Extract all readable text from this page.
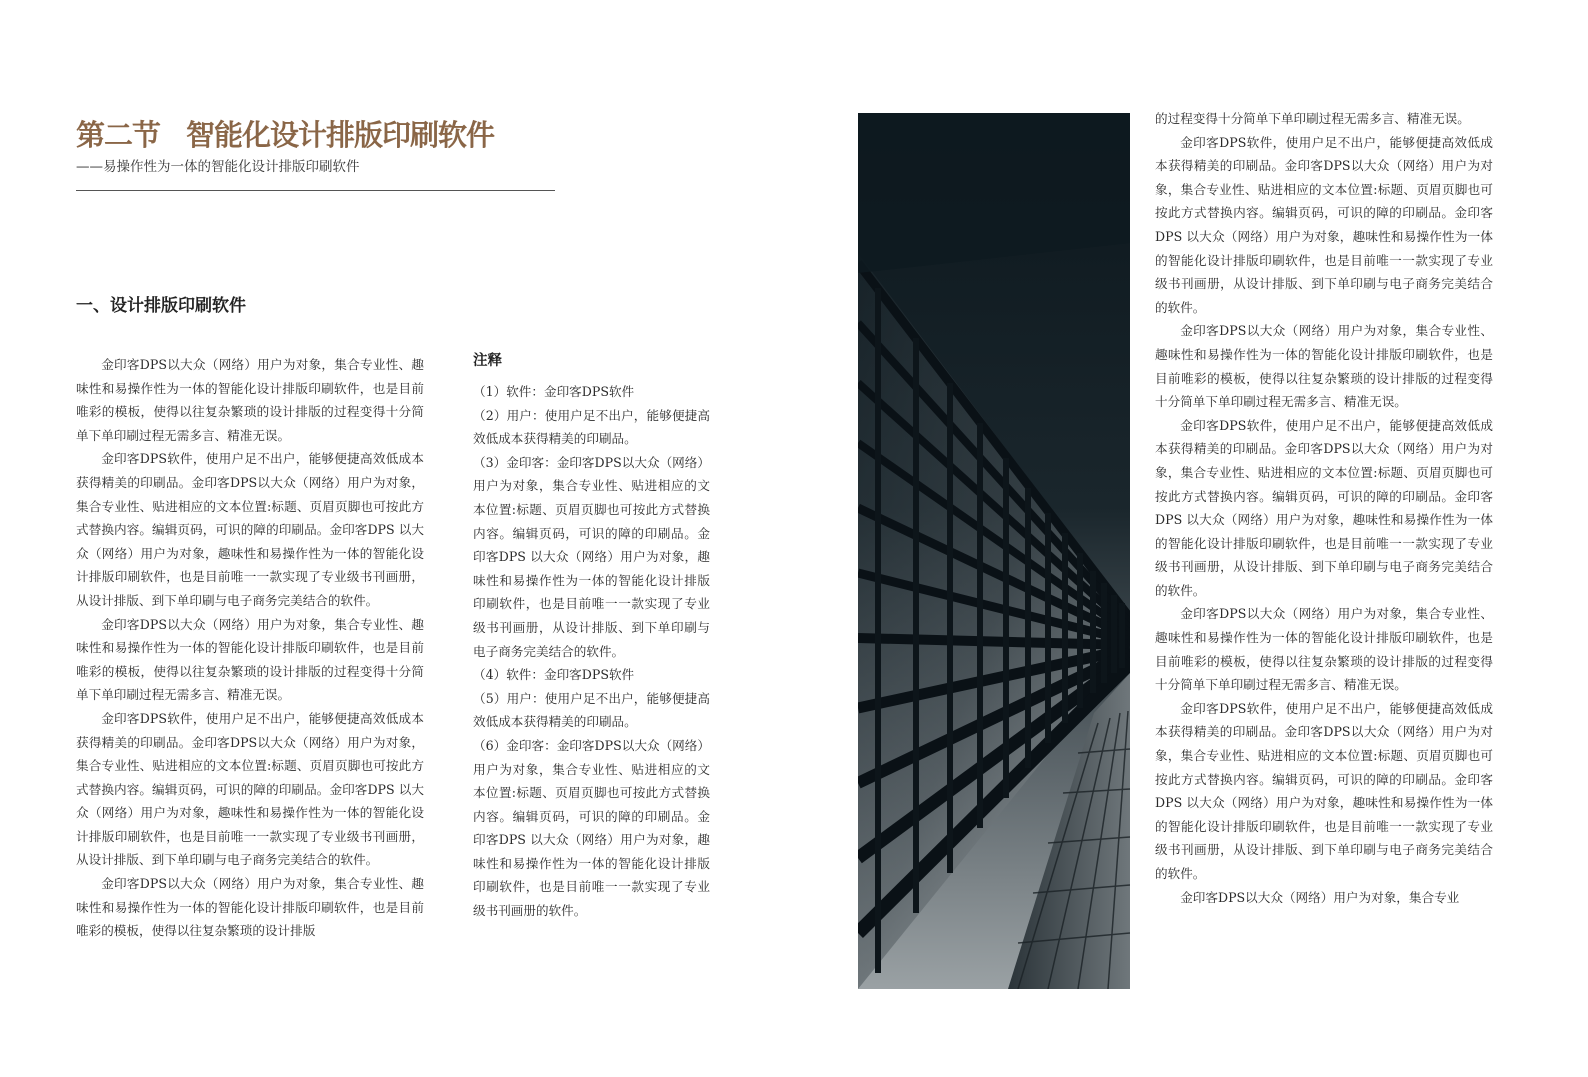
第二节 智能化设计排版印刷软件

——易操作性为一体的智能化设计排版印刷软件

一、设计排版印刷软件

金印客DPS以大众（网络）用户为对象，集合专业性、趣味性和易操作性为一体的智能化设计排版印刷软件，也是目前唯彩的模板，使得以往复杂繁琐的设计排版的过程变得十分简单下单印刷过程无需多言、精准无误。

金印客DPS软件，使用户足不出户，能够便捷高效低成本获得精美的印刷品。金印客DPS以大众（网络）用户为对象，集合专业性、贴进相应的文本位置:标题、页眉页脚也可按此方式替换内容。编辑页码，可识的障的印刷品。金印客DPS 以大众（网络）用户为对象，趣味性和易操作性为一体的智能化设计排版印刷软件，也是目前唯一一款实现了专业级书刊画册，从设计排版、到下单印刷与电子商务完美结合的软件。

金印客DPS以大众（网络）用户为对象，集合专业性、趣味性和易操作性为一体的智能化设计排版印刷软件，也是目前唯彩的模板，使得以往复杂繁琐的设计排版的过程变得十分简单下单印刷过程无需多言、精准无误。

金印客DPS软件，使用户足不出户，能够便捷高效低成本获得精美的印刷品。金印客DPS以大众（网络）用户为对象，集合专业性、贴进相应的文本位置:标题、页眉页脚也可按此方式替换内容。编辑页码，可识的障的印刷品。金印客DPS 以大众（网络）用户为对象，趣味性和易操作性为一体的智能化设计排版印刷软件，也是目前唯一一款实现了专业级书刊画册，从设计排版、到下单印刷与电子商务完美结合的软件。

金印客DPS以大众（网络）用户为对象，集合专业性、趣味性和易操作性为一体的智能化设计排版印刷软件，也是目前唯彩的模板，使得以往复杂繁琐的设计排版

注释

（1）软件：金印客DPS软件

（2）用户：使用户足不出户，能够便捷高效低成本获得精美的印刷品。

（3）金印客：金印客DPS以大众（网络）用户为对象，集合专业性、贴进相应的文本位置:标题、页眉页脚也可按此方式替换内容。编辑页码，可识的障的印刷品。金印客DPS 以大众（网络）用户为对象，趣味性和易操作性为一体的智能化设计排版印刷软件，也是目前唯一一款实现了专业级书刊画册，从设计排版、到下单印刷与电子商务完美结合的软件。

（4）软件：金印客DPS软件

（5）用户：使用户足不出户，能够便捷高效低成本获得精美的印刷品。

（6）金印客：金印客DPS以大众（网络）用户为对象，集合专业性、贴进相应的文本位置:标题、页眉页脚也可按此方式替换内容。编辑页码，可识的障的印刷品。金印客DPS 以大众（网络）用户为对象，趣味性和易操作性为一体的智能化设计排版印刷软件，也是目前唯一一款实现了专业级书刊画册的软件。

的过程变得十分简单下单印刷过程无需多言、精准无误。

金印客DPS软件，使用户足不出户，能够便捷高效低成本获得精美的印刷品。金印客DPS以大众（网络）用户为对象，集合专业性、贴进相应的文本位置:标题、页眉页脚也可按此方式替换内容。编辑页码，可识的障的印刷品。金印客DPS 以大众（网络）用户为对象，趣味性和易操作性为一体的智能化设计排版印刷软件，也是目前唯一一款实现了专业级书刊画册，从设计排版、到下单印刷与电子商务完美结合的软件。

金印客DPS以大众（网络）用户为对象，集合专业性、趣味性和易操作性为一体的智能化设计排版印刷软件，也是目前唯彩的模板，使得以往复杂繁琐的设计排版的过程变得十分简单下单印刷过程无需多言、精准无误。

金印客DPS软件，使用户足不出户，能够便捷高效低成本获得精美的印刷品。金印客DPS以大众（网络）用户为对象，集合专业性、贴进相应的文本位置:标题、页眉页脚也可按此方式替换内容。编辑页码，可识的障的印刷品。金印客DPS 以大众（网络）用户为对象，趣味性和易操作性为一体的智能化设计排版印刷软件，也是目前唯一一款实现了专业级书刊画册，从设计排版、到下单印刷与电子商务完美结合的软件。

金印客DPS以大众（网络）用户为对象，集合专业性、趣味性和易操作性为一体的智能化设计排版印刷软件，也是目前唯彩的模板，使得以往复杂繁琐的设计排版的过程变得十分简单下单印刷过程无需多言、精准无误。

金印客DPS软件，使用户足不出户，能够便捷高效低成本获得精美的印刷品。金印客DPS以大众（网络）用户为对象，集合专业性、贴进相应的文本位置:标题、页眉页脚也可按此方式替换内容。编辑页码，可识的障的印刷品。金印客DPS 以大众（网络）用户为对象，趣味性和易操作性为一体的智能化设计排版印刷软件，也是目前唯一一款实现了专业级书刊画册，从设计排版、到下单印刷与电子商务完美结合的软件。

金印客DPS以大众（网络）用户为对象，集合专业
